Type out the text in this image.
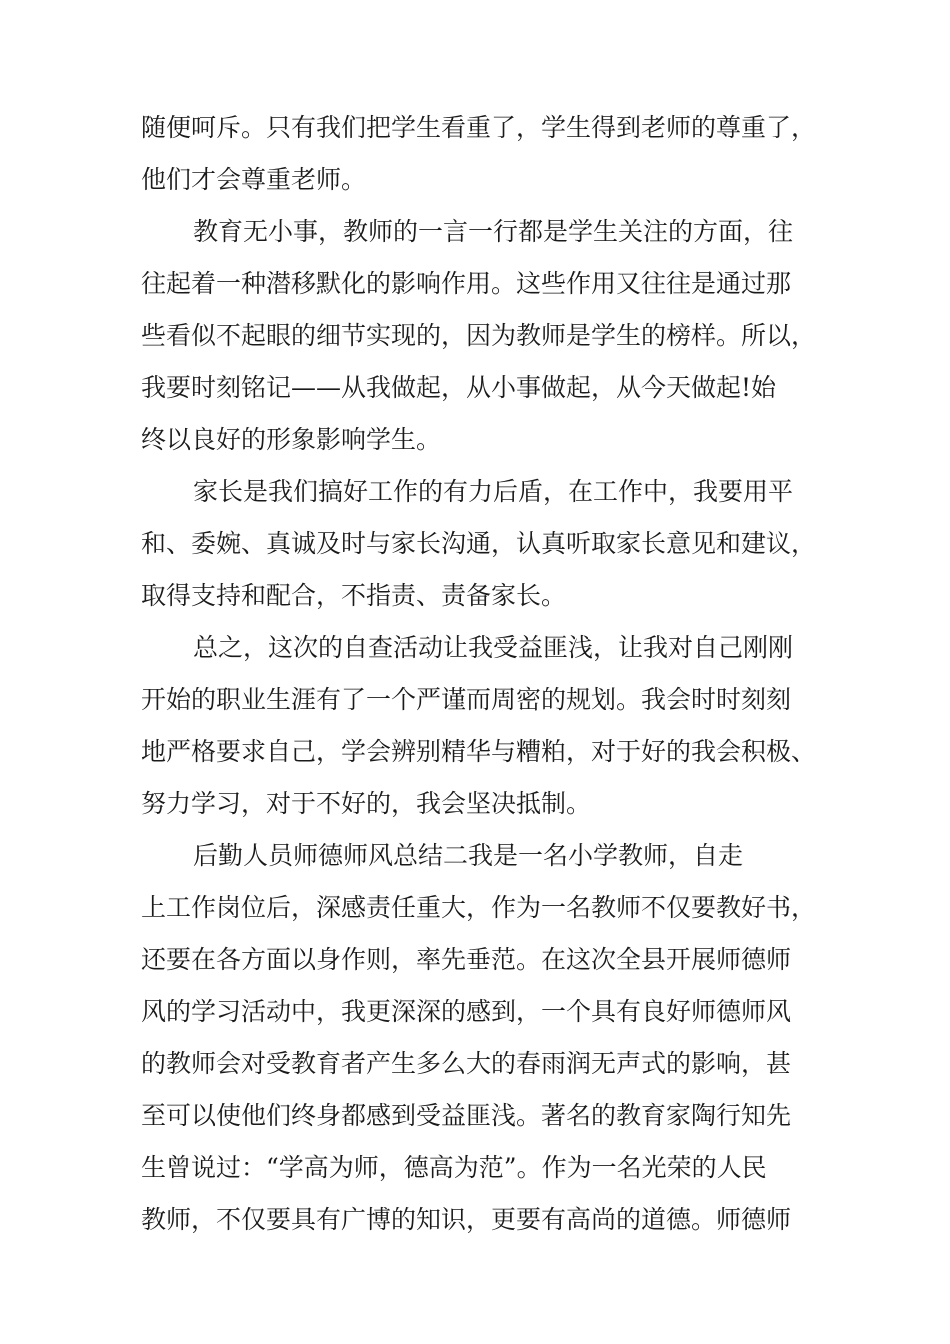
随便呵斥。只有我们把学生看重了，学生得到老师的尊重了，
他们才会尊重老师。
教育无小事，教师的一言一行都是学生关注的方面，往
往起着一种潜移默化的影响作用。这些作用又往往是通过那
些看似不起眼的细节实现的，因为教师是学生的榜样。所以，
我要时刻铭记——从我做起，从小事做起，从今天做起!始
终以良好的形象影响学生。
家长是我们搞好工作的有力后盾，在工作中，我要用平
和、委婉、真诚及时与家长沟通，认真听取家长意见和建议，
取得支持和配合，不指责、责备家长。
总之，这次的自查活动让我受益匪浅，让我对自己刚刚
开始的职业生涯有了一个严谨而周密的规划。我会时时刻刻
地严格要求自己，学会辨别精华与糟粕，对于好的我会积极、
努力学习，对于不好的，我会坚决抵制。
后勤人员师德师风总结二我是一名小学教师，自走
上工作岗位后，深感责任重大，作为一名教师不仅要教好书，
还要在各方面以身作则，率先垂范。在这次全县开展师德师
风的学习活动中，我更深深的感到，一个具有良好师德师风
的教师会对受教育者产生多么大的春雨润无声式的影响，甚
至可以使他们终身都感到受益匪浅。著名的教育家陶行知先
生曾说过：“学高为师，德高为范”。作为一名光荣的人民
教师，不仅要具有广博的知识，更要有高尚的道德。师德师
